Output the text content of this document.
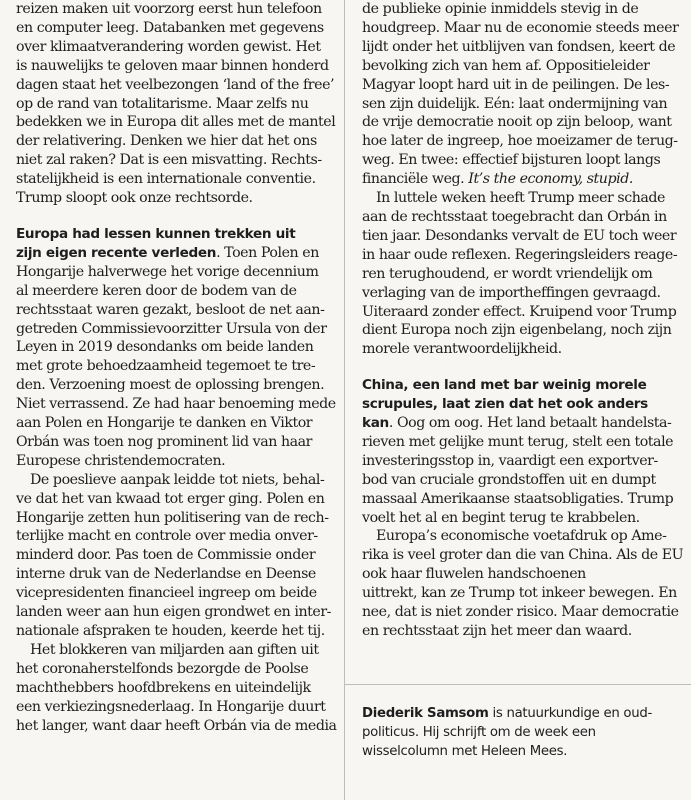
reizen maken uit voorzorg eerst hun telefoon
en computer leeg. Databanken met gegevens
over klimaatverandering worden gewist. Het
is nauwelijks te geloven maar binnen honderd
dagen staat het veelbezongen ‘land of the free’
op de rand van totalitarisme. Maar zelfs nu
bedekken we in Europa dit alles met de mantel
der relativering. Denken we hier dat het ons
niet zal raken? Dat is een misvatting. Rechts-
statelijkheid is een internationale conventie.
Trump sloopt ook onze rechtsorde.

Europa had lessen kunnen trekken uit
zijn eigen recente verleden. Toen Polen en
Hongarije halverwege het vorige decennium
al meerdere keren door de bodem van de
rechtsstaat waren gezakt, besloot de net aan-
getreden Commissievoorzitter Ursula von der
Leyen in 2019 desondanks om beide landen
met grote behoedzaamheid tegemoet te tre-
den. Verzoening moest de oplossing brengen.
Niet verrassend. Ze had haar benoeming mede
aan Polen en Hongarije te danken en Viktor
Orbán was toen nog prominent lid van haar
Europese christendemocraten.

De poeslieve aanpak leidde tot niets, behal-
ve dat het van kwaad tot erger ging. Polen en
Hongarije zetten hun politisering van de rech-
terlijke macht en controle over media onver-
minderd door. Pas toen de Commissie onder
interne druk van de Nederlandse en Deense
vicepresidenten financieel ingreep om beide
landen weer aan hun eigen grondwet en inter-
nationale afspraken te houden, keerde het tij.

Het blokkeren van miljarden aan giften uit
het coronaherstelfonds bezorgde de Poolse
machthebbers hoofdbrekens en uiteindelijk
een verkiezingsnederlaag. In Hongarije duurt
het langer, want daar heeft Orbán via de media

de publieke opinie inmiddels stevig in de
houdgreep. Maar nu de economie steeds meer
lijdt onder het uitblijven van fondsen, keert de
bevolking zich van hem af. Oppositieleider
Magyar loopt hard uit in de peilingen. De les-
sen zijn duidelijk. Eén: laat ondermijning van
de vrije democratie nooit op zijn beloop, want
hoe later de ingreep, hoe moeizamer de terug-
weg. En twee: effectief bijsturen loopt langs
financiële weg. It’s the economy, stupid.

In luttele weken heeft Trump meer schade
aan de rechtsstaat toegebracht dan Orbán in
tien jaar. Desondanks vervalt de EU toch weer
in haar oude reflexen. Regeringsleiders reage-
ren terughoudend, er wordt vriendelijk om
verlaging van de importheffingen gevraagd.
Uiteraard zonder effect. Kruipend voor Trump
dient Europa noch zijn eigenbelang, noch zijn
morele verantwoordelijkheid.

China, een land met bar weinig morele
scrupules, laat zien dat het ook anders
kan. Oog om oog. Het land betaalt handelsta-
rieven met gelijke munt terug, stelt een totale
investeringsstop in, vaardigt een exportver-
bod van cruciale grondstoffen uit en dumpt
massaal Amerikaanse staatsobligaties. Trump
voelt het al en begint terug te krabbelen.

Europa’s economische voetafdruk op Ame-
rika is veel groter dan die van China. Als de EU
ook haar fluwelen handschoenen
uittrekt, kan ze Trump tot inkeer bewegen. En
nee, dat is niet zonder risico. Maar democratie
en rechtsstaat zijn het meer dan waard.

Diederik Samsom is natuurkundige en oud-
politicus. Hij schrijft om de week een
wisselcolumn met Heleen Mees.
